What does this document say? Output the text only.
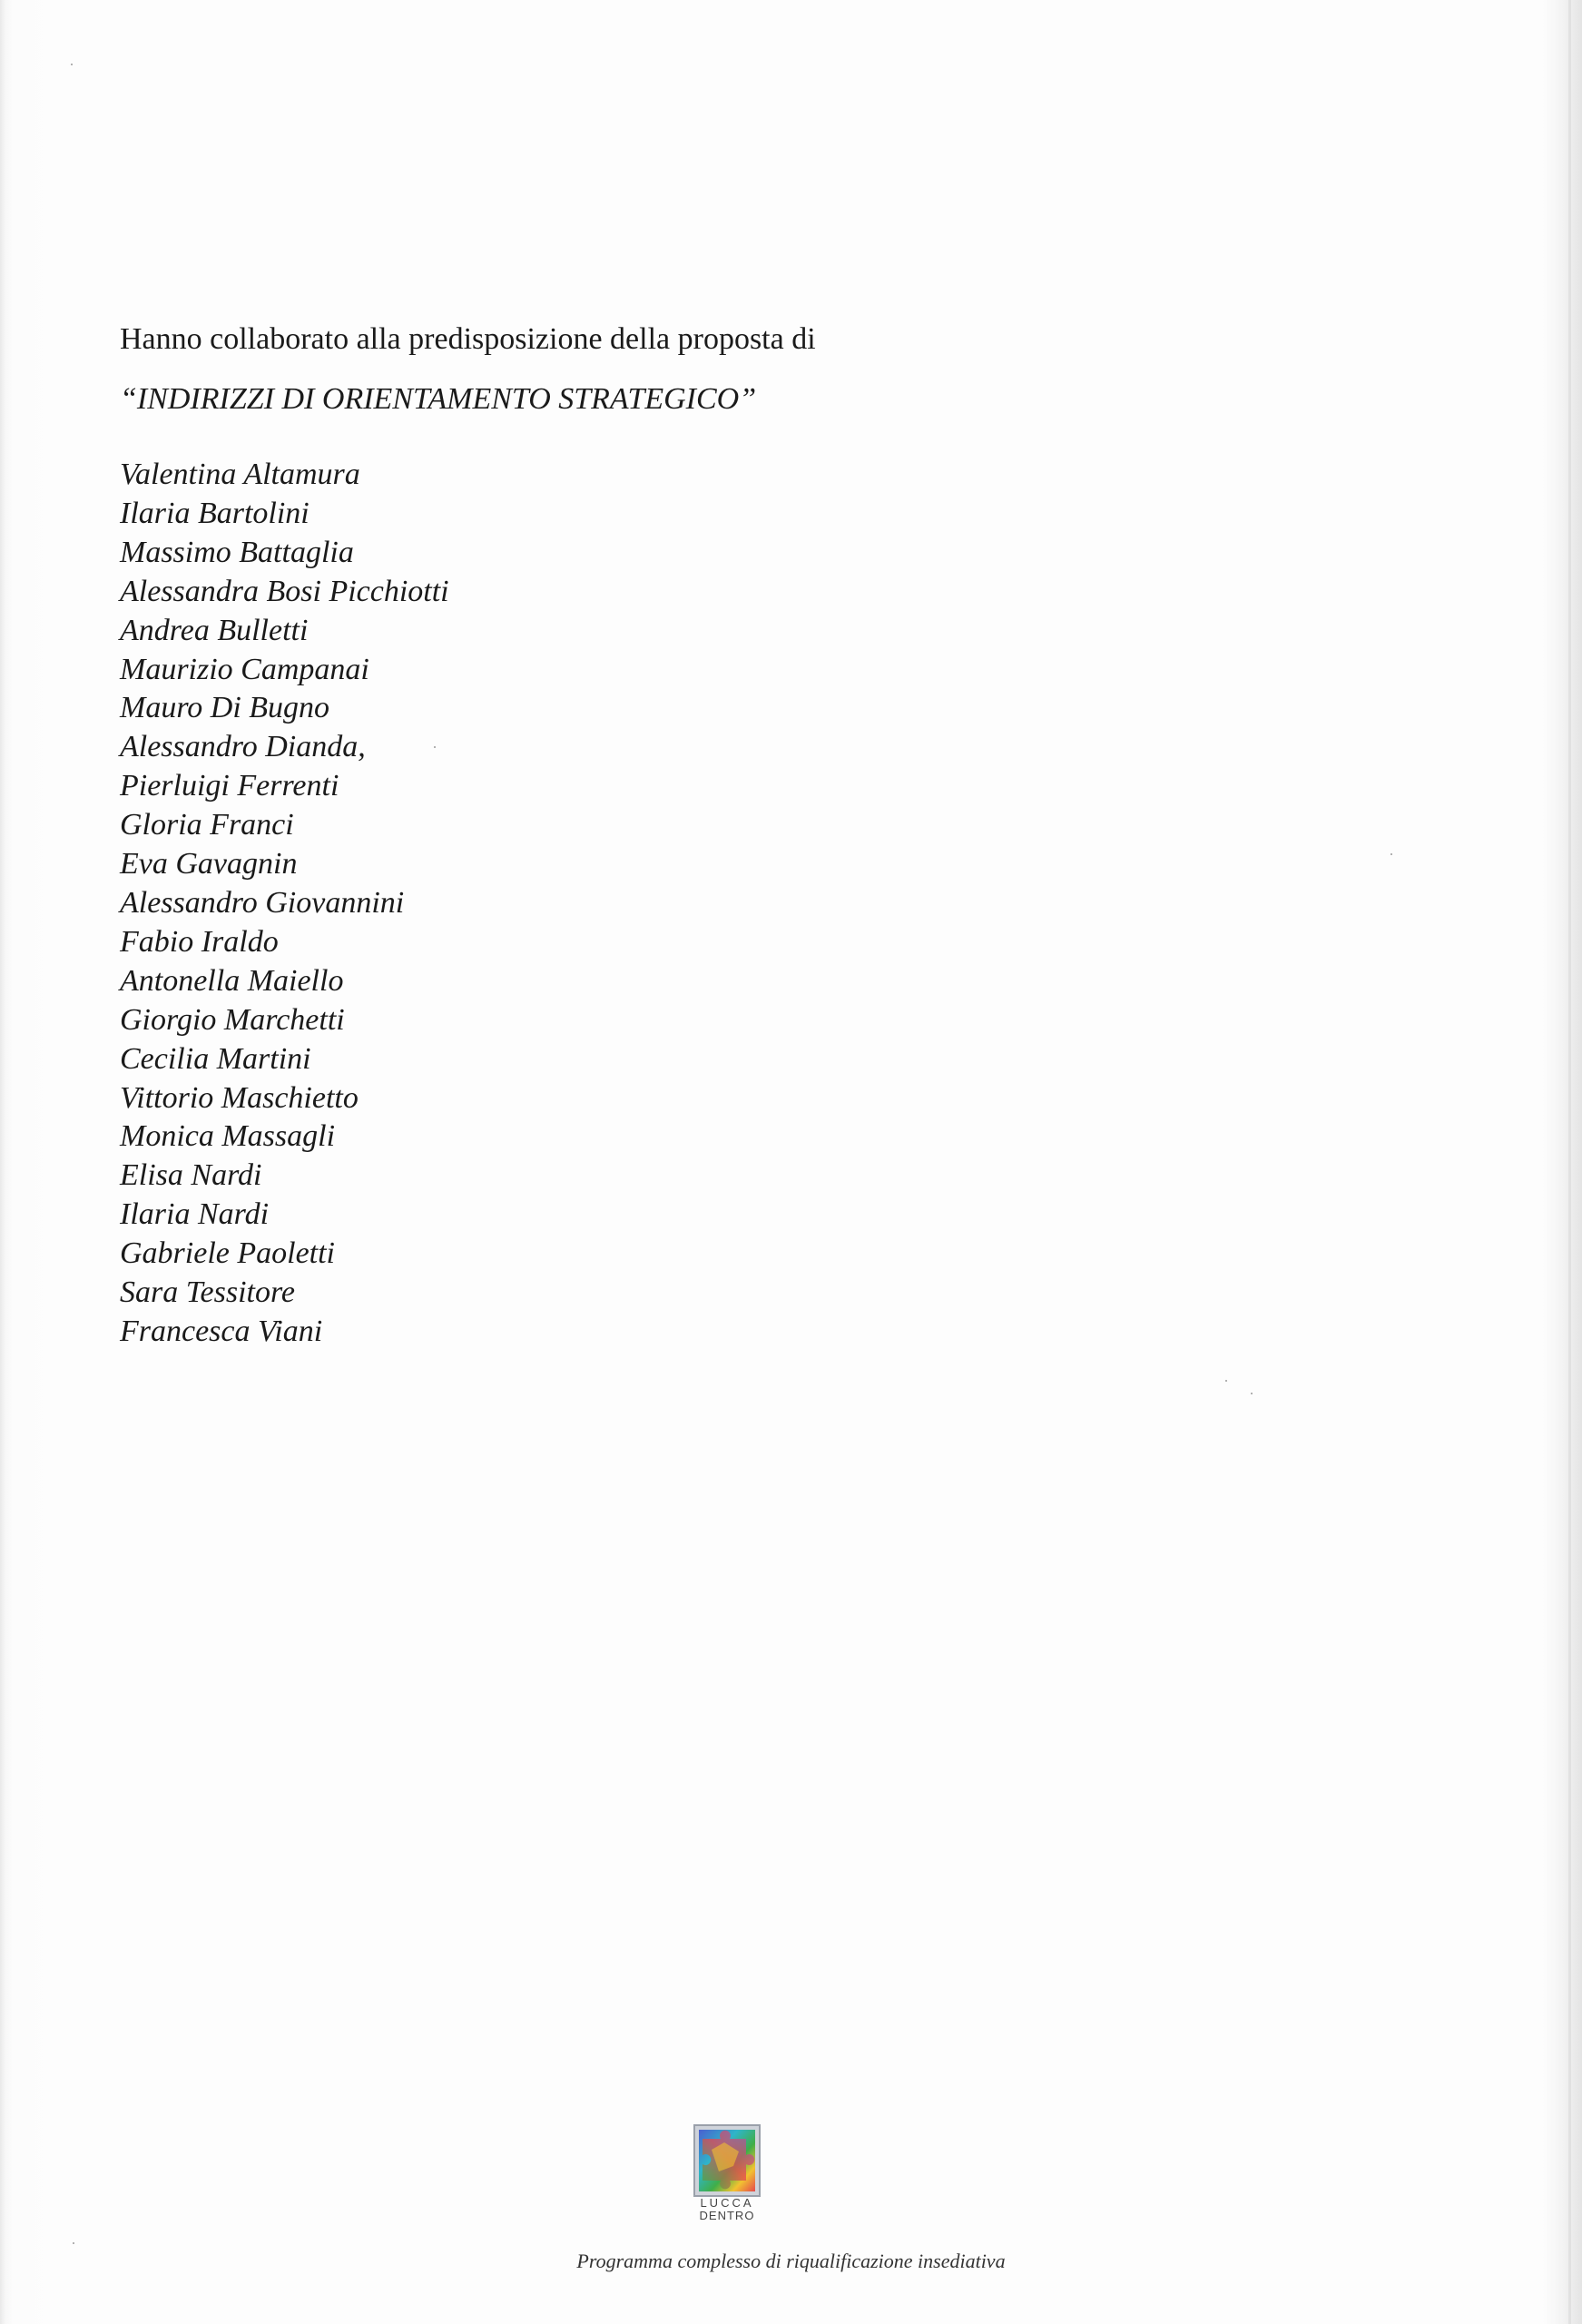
Hanno collaborato alla predisposizione della proposta di
“INDIRIZZI DI ORIENTAMENTO STRATEGICO”
Valentina Altamura
Ilaria Bartolini
Massimo Battaglia
Alessandra Bosi Picchiotti
Andrea Bulletti
Maurizio Campanai
Mauro Di Bugno
Alessandro Dianda,
Pierluigi Ferrenti
Gloria Franci
Eva Gavagnin
Alessandro Giovannini
Fabio Iraldo
Antonella Maiello
Giorgio Marchetti
Cecilia Martini
Vittorio Maschietto
Monica Massagli
Elisa Nardi
Ilaria Nardi
Gabriele Paoletti
Sara Tessitore
Francesca Viani
LUCCA
DENTRO
Programma complesso di riqualificazione insediativa
